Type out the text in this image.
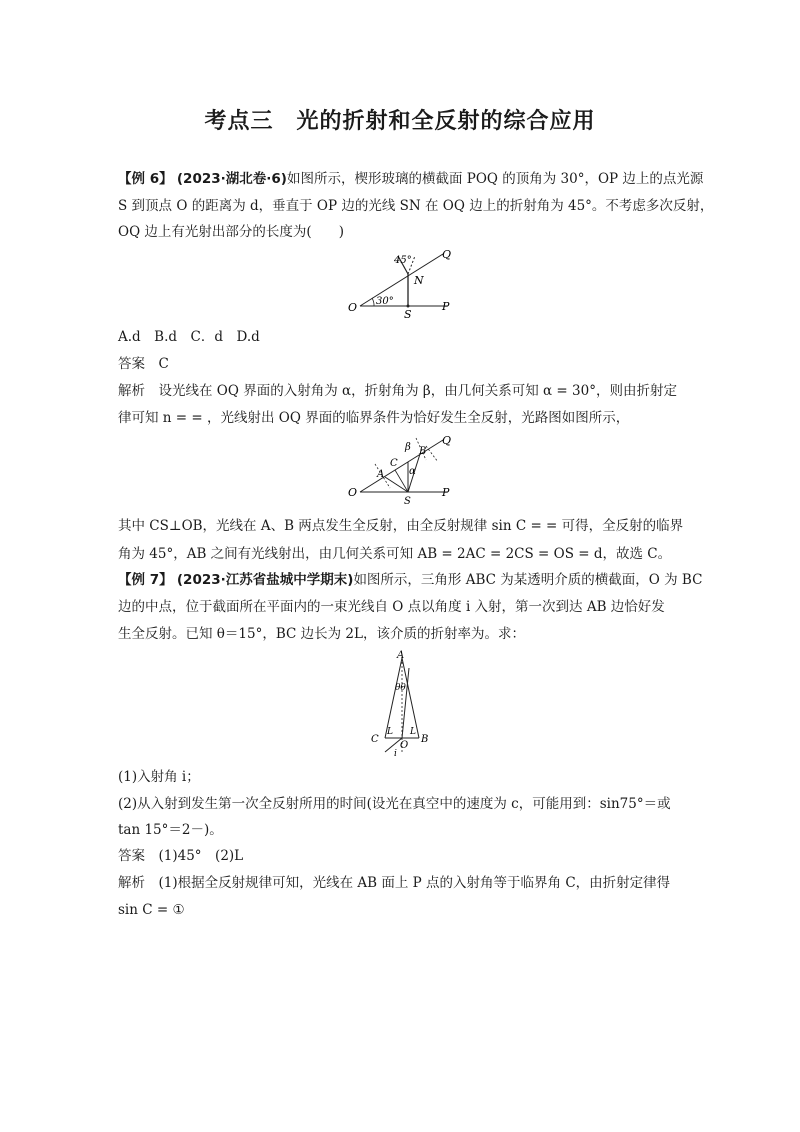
考点三　光的折射和全反射的综合应用
【例 6】 (2023·湖北卷·6)如图所示，楔形玻璃的横截面 POQ 的顶角为 30°，OP 边上的点光源
S 到顶点 O 的距离为 d，垂直于 OP 边的光线 SN 在 OQ 边上的折射角为 45°。不考虑多次反射，
OQ 边上有光射出部分的长度为(　　)
O 30°
S
N
45°
P
Q
A.d　B.d　C．d　D.d
答案　 C
解析　 设光线在 OQ 界面的入射角为 α，折射角为 β，由几何关系可知 α = 30°，则由折射定
律可知 n = = ，光线射出 OQ 界面的临界条件为恰好发生全反射，光路图如图所示，
O
A
C
B
β
α
S
P
Q
其中 CS⊥OB，光线在 A、B 两点发生全反射，由全反射规律 sin C = = 可得，全反射的临界
角为 45°，AB 之间有光线射出，由几何关系可知 AB = 2AC = 2CS = OS = d，故选 C。
【例 7】 (2023·江苏省盐城中学期末)如图所示，三角形 ABC 为某透明介质的横截面，O 为 BC
边的中点，位于截面所在平面内的一束光线自 O 点以角度 i 入射，第一次到达 AB 边恰好发
生全反射。已知 θ＝15°，BC 边长为 2L，该介质的折射率为。求：
A
θθ
C	B
L L
O
i
(1)入射角 i；
(2)从入射到发生第一次全反射所用的时间(设光在真空中的速度为 c，可能用到：sin75°＝或
tan 15°＝2－)。
答案　 (1)45°　(2)L
解析　 (1)根据全反射规律可知，光线在 AB 面上 P 点的入射角等于临界角 C，由折射定律得
sin C = ①
